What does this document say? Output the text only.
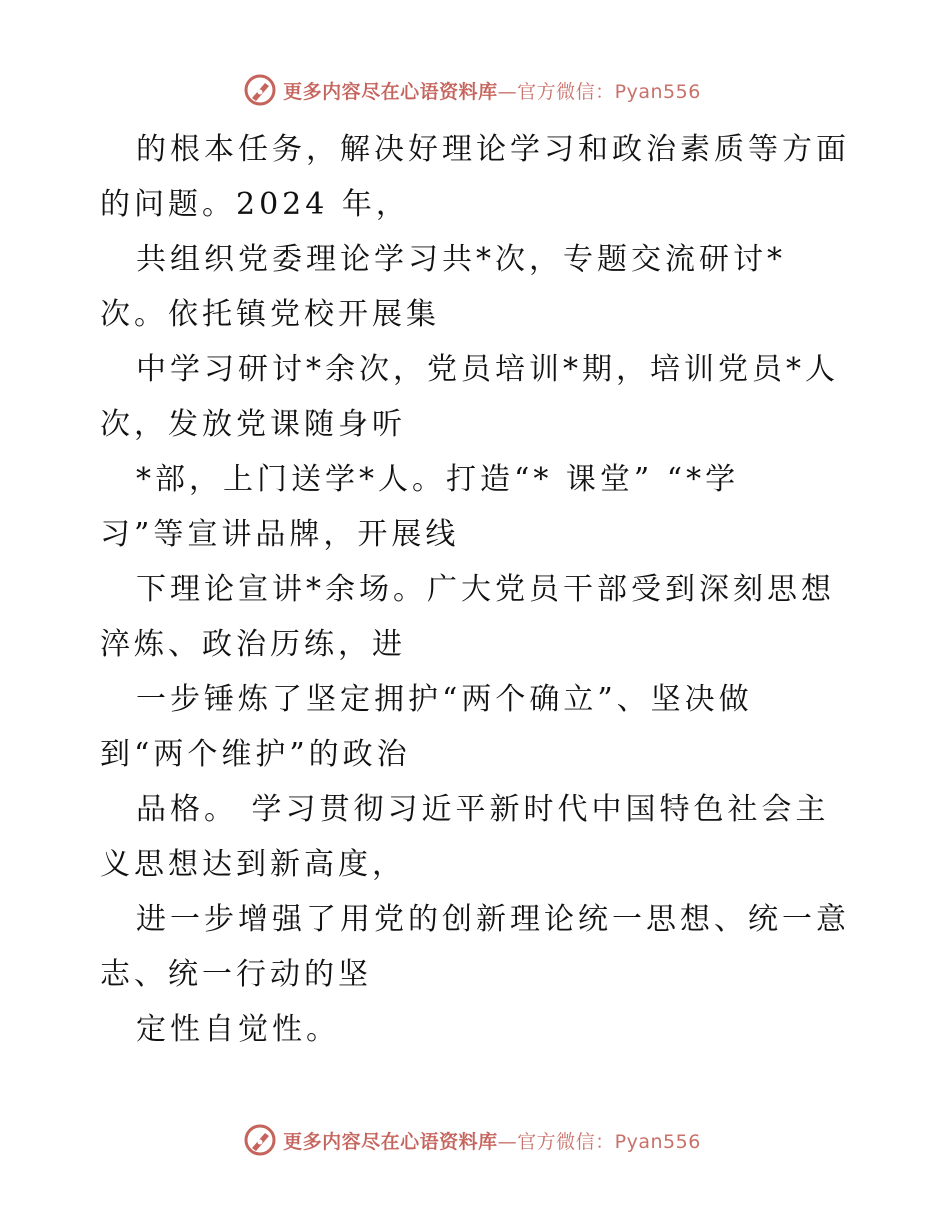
更多内容尽在心语资料库—官方微信：Pyan556
的根本任务，解决好理论学习和政治素质等方面
的问题。2024 年，
共组织党委理论学习共*次，专题交流研讨*
次。依托镇党校开展集
中学习研讨*余次，党员培训*期，培训党员*人
次，发放党课随身听
*部，上门送学*人。打造“* 课堂” “*学
习”等宣讲品牌，开展线
下理论宣讲*余场。广大党员干部受到深刻思想
淬炼、政治历练，进
一步锤炼了坚定拥护“两个确立”、坚决做
到“两个维护”的政治
品格。 学习贯彻习近平新时代中国特色社会主
义思想达到新高度，
进一步增强了用党的创新理论统一思想、统一意
志、统一行动的坚
定性自觉性。
更多内容尽在心语资料库—官方微信：Pyan556
